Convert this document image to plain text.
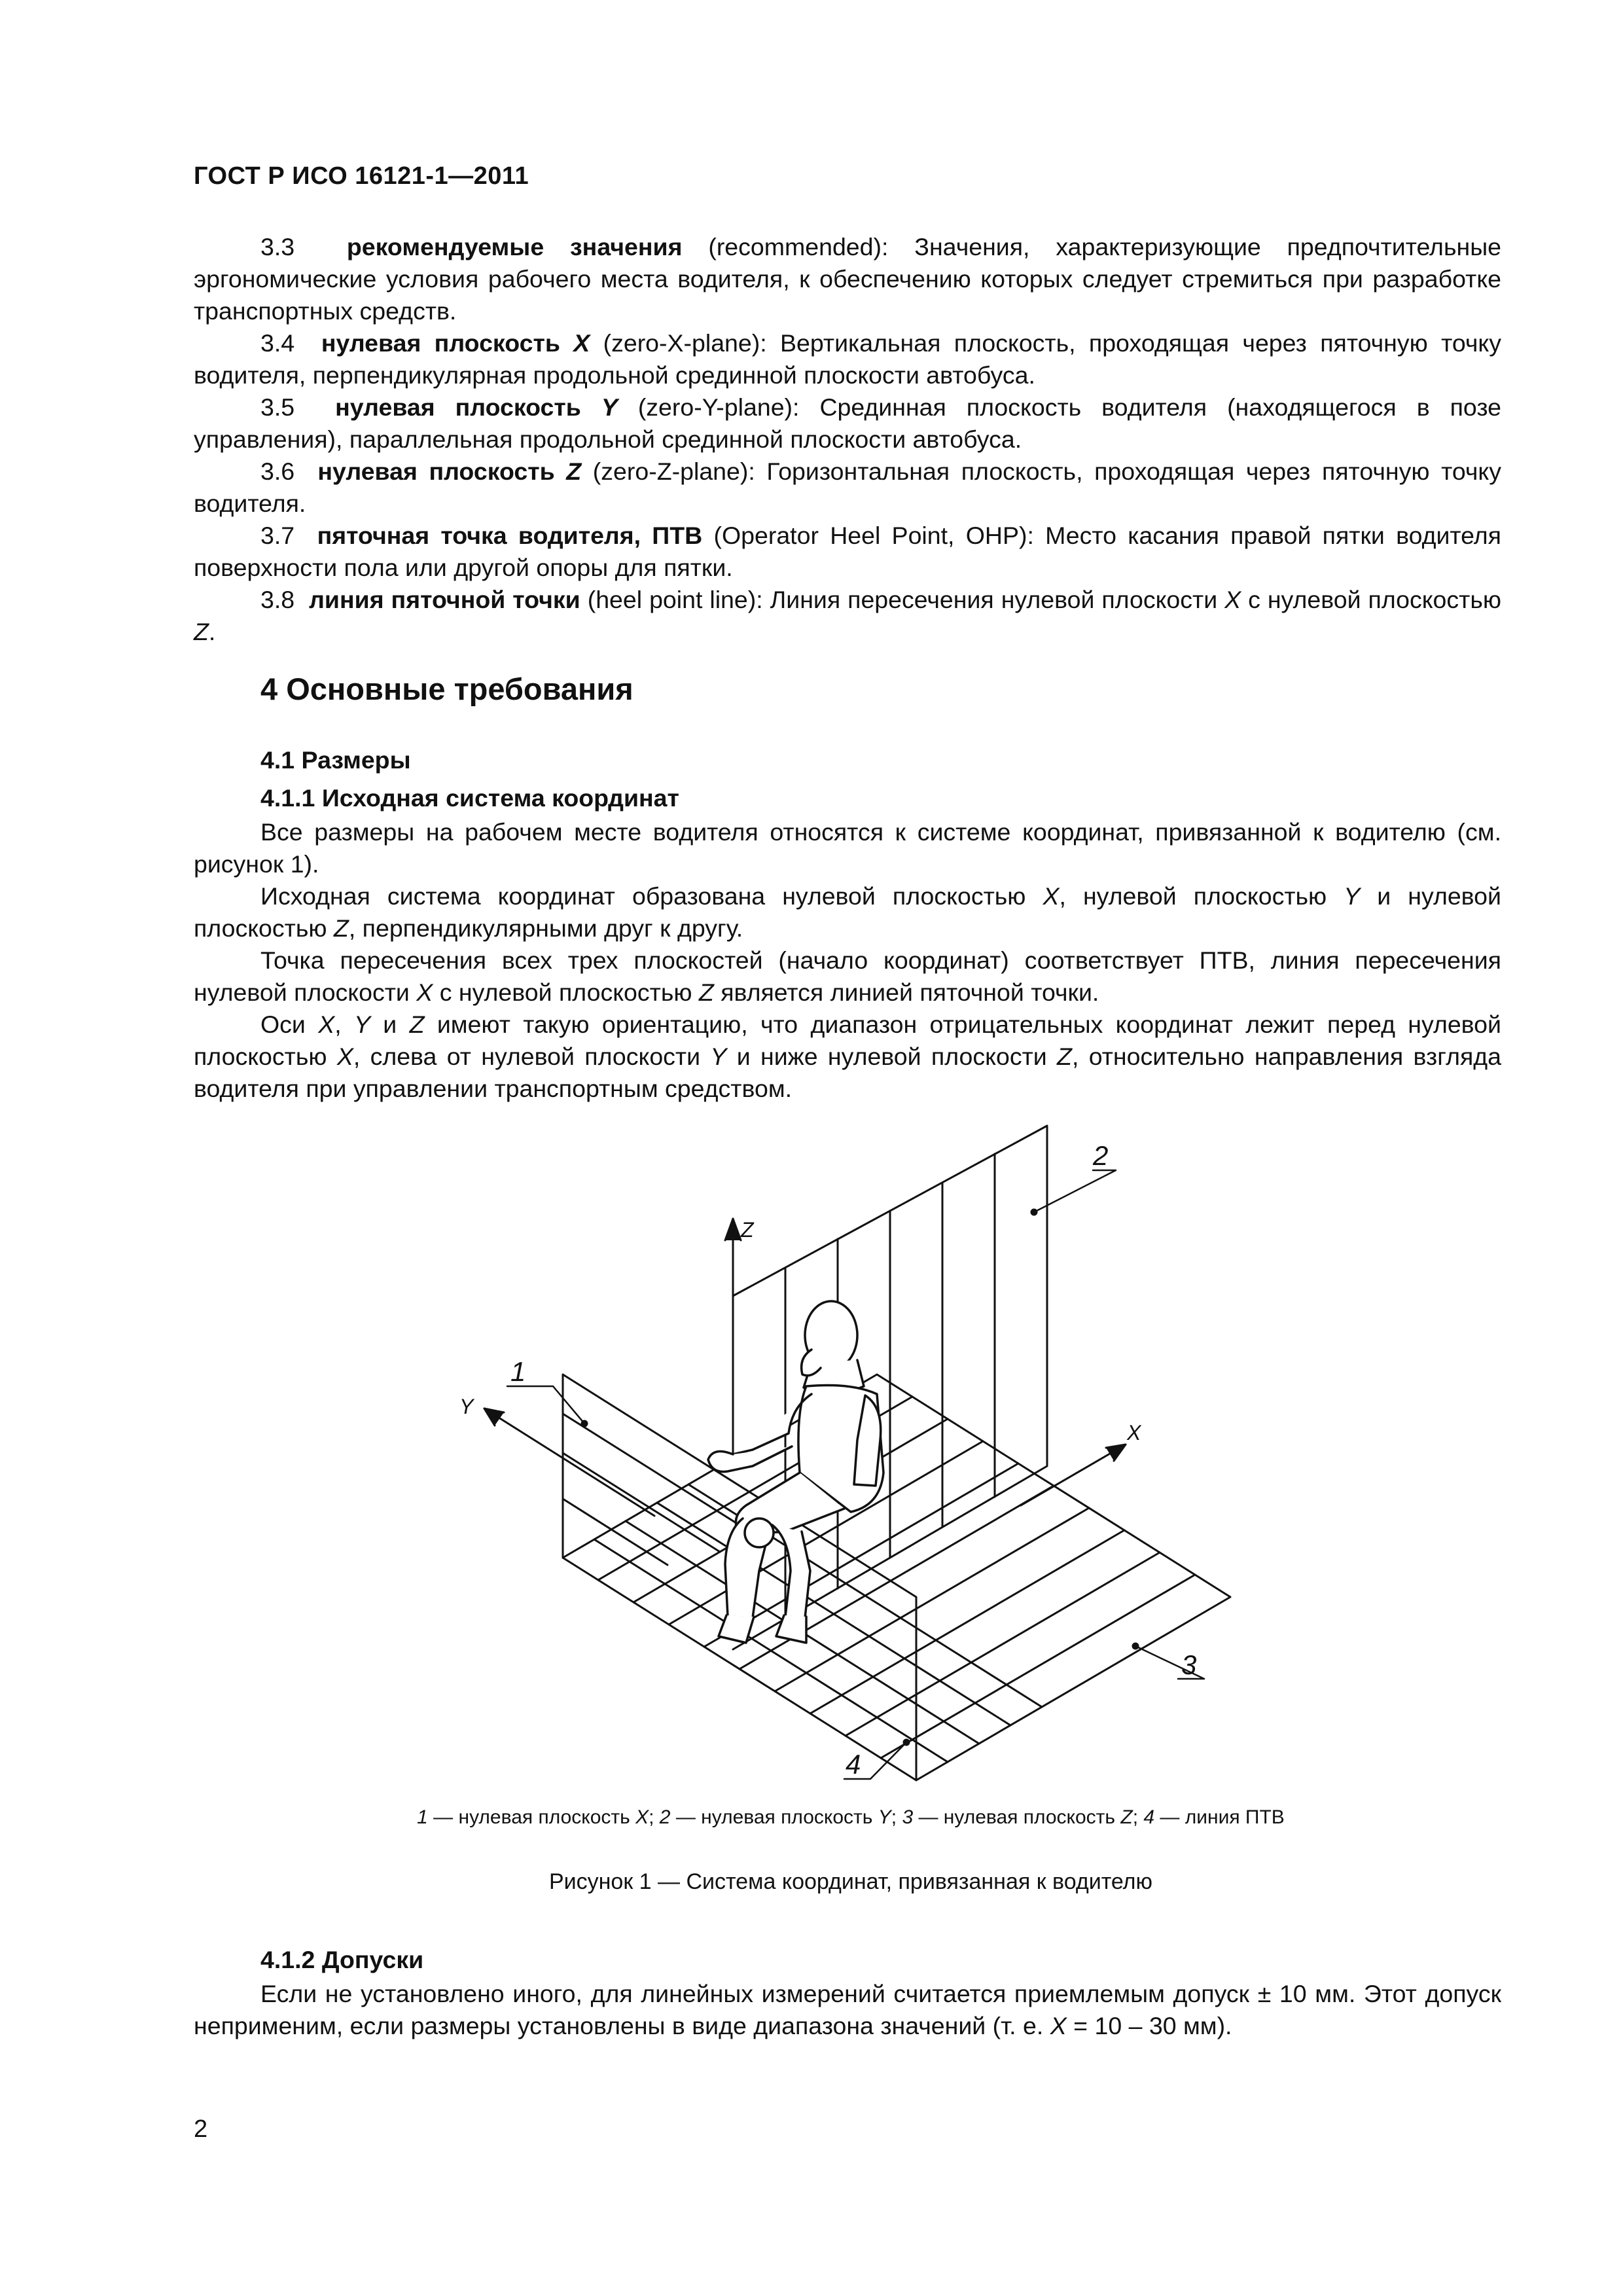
ГОСТ Р ИСО 16121-1—2011

3.3 рекомендуемые значения (recommended): Значения, характеризующие предпочтительные эргономические условия рабочего места водителя, к обеспечению которых следует стремиться при разработке транспортных средств.

3.4 нулевая плоскость X (zero-X-plane): Вертикальная плоскость, проходящая через пяточную точку водителя, перпендикулярная продольной срединной плоскости автобуса.

3.5 нулевая плоскость Y (zero-Y-plane): Срединная плоскость водителя (находящегося в позе управления), параллельная продольной срединной плоскости автобуса.

3.6 нулевая плоскость Z (zero-Z-plane): Горизонтальная плоскость, проходящая через пяточную точку водителя.

3.7 пяточная точка водителя, ПТВ (Operator Heel Point, OHP): Место касания правой пятки водителя поверхности пола или другой опоры для пятки.

3.8 линия пяточной точки (heel point line): Линия пересечения нулевой плоскости X с нулевой плоскостью Z.

4 Основные требования
4.1 Размеры
4.1.1 Исходная система координат

Все размеры на рабочем месте водителя относятся к системе координат, привязанной к водителю (см. рисунок 1).

Исходная система координат образована нулевой плоскостью X, нулевой плоскостью Y и нулевой плоскостью Z, перпендикулярными друг к другу.

Точка пересечения всех трех плоскостей (начало координат) соответствует ПТВ, линия пересечения нулевой плоскости X с нулевой плоскостью Z является линией пяточной точки.

Оси X, Y и Z имеют такую ориентацию, что диапазон отрицательных координат лежит перед нулевой плоскостью X, слева от нулевой плоскости Y и ниже нулевой плоскости Z, относительно направления взгляда водителя при управлении транспортным средством.

Z
X
Y
1
2
3
4
1 — нулевая плоскость X; 2 — нулевая плоскость Y; 3 — нулевая плоскость Z; 4 — линия ПТВ
Рисунок 1 — Система координат, привязанная к водителю
4.1.2 Допуски

Если не установлено иного, для линейных измерений считается приемлемым допуск ± 10 мм. Этот допуск неприменим, если размеры установлены в виде диапазона значений (т. е. X = 10 – 30 мм).

2
